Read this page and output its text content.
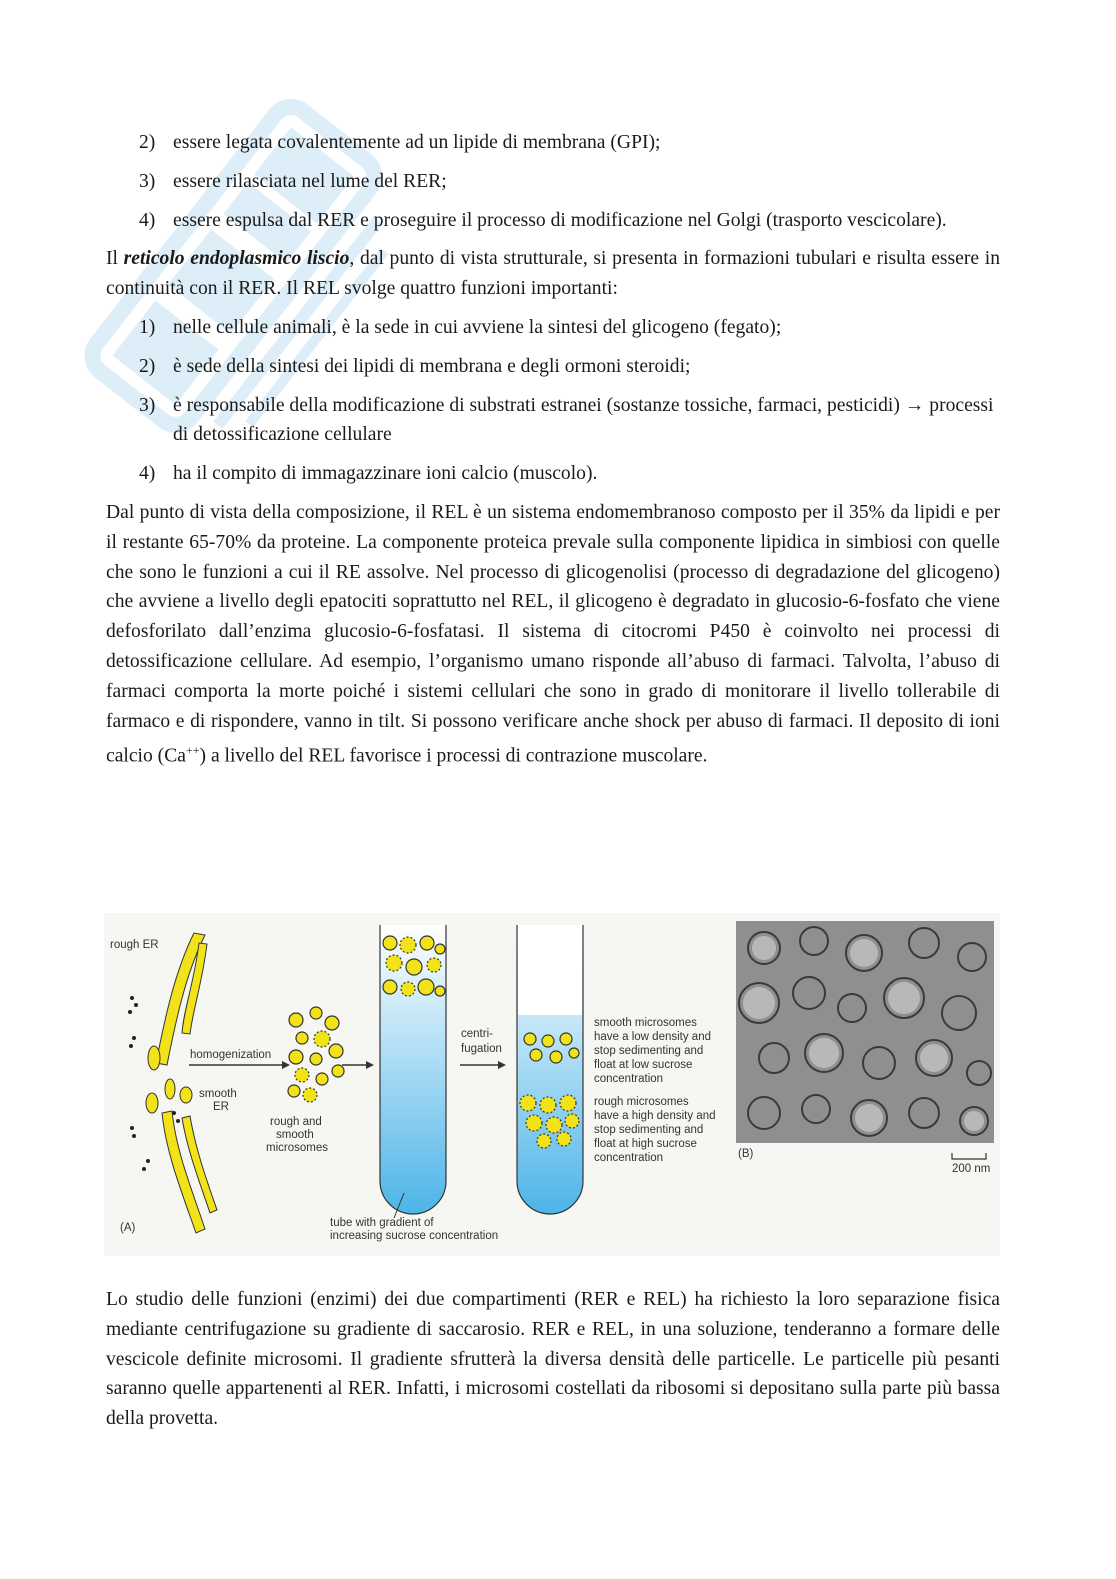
2) essere legata covalentemente ad un lipide di membrana (GPI);
3) essere rilasciata nel lume del RER;
4) essere espulsa dal RER e proseguire il processo di modificazione nel Golgi (trasporto vescicolare).

Il reticolo endoplasmico liscio, dal punto di vista strutturale, si presenta in formazioni tubulari e risulta essere in continuità con il RER. Il REL svolge quattro funzioni importanti:

1) nelle cellule animali, è la sede in cui avviene la sintesi del glicogeno (fegato);
2) è sede della sintesi dei lipidi di membrana e degli ormoni steroidi;
3) è responsabile della modificazione di substrati estranei (sostanze tossiche, farmaci, pesticidi) → processi di detossificazione cellulare
4) ha il compito di immagazzinare ioni calcio (muscolo).

Dal punto di vista della composizione, il REL è un sistema endomembranoso composto per il 35% da lipidi e per il restante 65-70% da proteine. La componente proteica prevale sulla componente lipidica in simbiosi con quelle che sono le funzioni a cui il RE assolve. Nel processo di glicogenolisi (processo di degradazione del glicogeno) che avviene a livello degli epatociti soprattutto nel REL, il glicogeno è degradato in glucosio-6-fosfato che viene defosforilato dall’enzima glucosio-6-fosfatasi. Il sistema di citocromi P450 è coinvolto nei processi di detossificazione cellulare. Ad esempio, l’organismo umano risponde all’abuso di farmaci. Talvolta, l’abuso di farmaci comporta la morte poiché i sistemi cellulari che sono in grado di monitorare il livello tollerabile di farmaco e di rispondere, vanno in tilt. Si possono verificare anche shock per abuso di farmaci. Il deposito di ioni calcio (Ca++) a livello del REL favorisce i processi di contrazione muscolare.

rough ER
homogenization
smooth
ER
rough and
smooth
microsomes
tube with gradient of
increasing sucrose concentration
centri-
fugation
smooth microsomes
have a low density and
stop sedimenting and
float at low sucrose
concentration
rough microsomes
have a high density and
stop sedimenting and
float at high sucrose
concentration	(B)
200 nm
(A)
Lo studio delle funzioni (enzimi) dei due compartimenti (RER e REL) ha richiesto la loro separazione fisica mediante centrifugazione su gradiente di saccarosio. RER e REL, in una soluzione, tenderanno a formare delle vescicole definite microsomi. Il gradiente sfrutterà la diversa densità delle particelle. Le particelle più pesanti saranno quelle appartenenti al RER. Infatti, i microsomi costellati da ribosomi si depositano sulla parte più bassa della provetta.
